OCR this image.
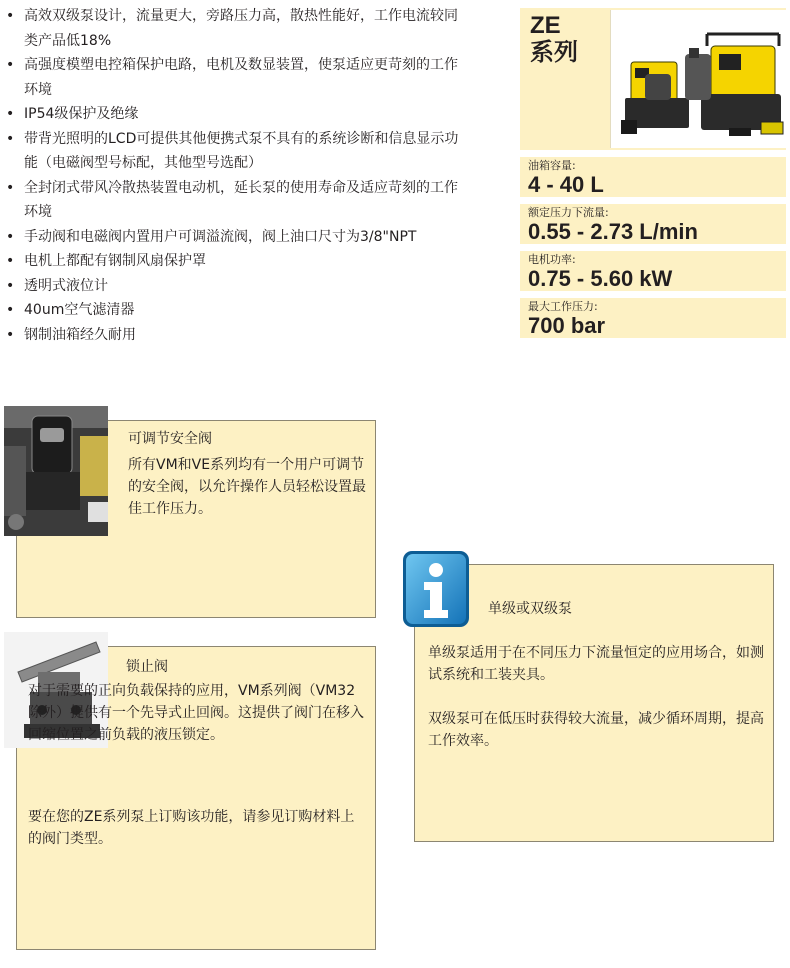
• 高效双级泵设计，流量更大，旁路压力高，散热性能好，工作电流较同类产品低18%
• 高强度模塑电控箱保护电路，电机及数显装置，使泵适应更苛刻的工作环境
• IP54级保护及绝缘
• 带背光照明的LCD可提供其他便携式泵不具有的系统诊断和信息显示功能（电磁阀型号标配，其他型号选配）
• 全封闭式带风冷散热装置电动机，延长泵的使用寿命及适应苛刻的工作环境
• 手动阀和电磁阀内置用户可调溢流阀，阀上油口尺寸为3/8"NPT
• 电机上都配有钢制风扇保护罩
• 透明式液位计
• 40um空气滤清器
• 钢制油箱经久耐用
ZE
系列
油箱容量:
4 - 40 L
额定压力下流量:
0.55 - 2.73 L/min
电机功率:
0.75 - 5.60 kW
最大工作压力:
700 bar
可调节安全阀
所有VM和VE系列均有一个用户可调节的安全阀，以允许操作人员轻松设置最佳工作压力。
锁止阀
对于需要的正向负载保持的应用，VM系列阀（VM32除外）提供有一个先导式止回阀。这提供了阀门在移入回缩位置之前负载的液压锁定。
要在您的ZE系列泵上订购该功能，请参见订购材料上的阀门类型。
单级或双级泵
单级泵适用于在不同压力下流量恒定的应用场合，如测试系统和工装夹具。
双级泵可在低压时获得较大流量，减少循环周期，提高工作效率。
